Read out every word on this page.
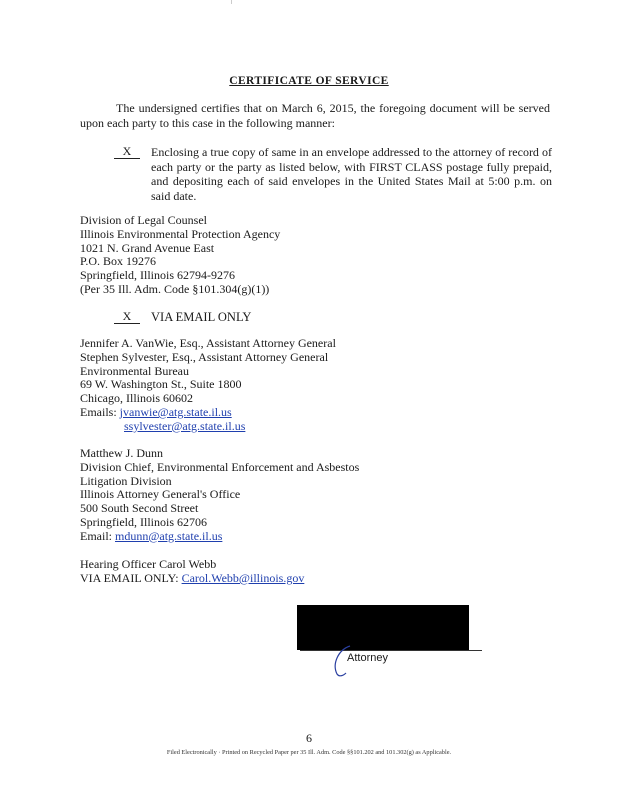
CERTIFICATE OF SERVICE
The undersigned certifies that on March 6, 2015, the foregoing document will be served upon each party to this case in the following manner:
X	Enclosing a true copy of same in an envelope addressed to the attorney of record of each party or the party as listed below, with FIRST CLASS postage fully prepaid, and depositing each of said envelopes in the United States Mail at 5:00 p.m. on said date.
Division of Legal Counsel
Illinois Environmental Protection Agency
1021 N. Grand Avenue East
P.O. Box 19276
Springfield, Illinois 62794-9276
(Per 35 Ill. Adm. Code §101.304(g)(1))
X	VIA EMAIL ONLY
Jennifer A. VanWie, Esq., Assistant Attorney General
Stephen Sylvester, Esq., Assistant Attorney General
Environmental Bureau
69 W. Washington St., Suite 1800
Chicago, Illinois 60602
Emails: jvanwie@atg.state.il.us
ssylvester@atg.state.il.us
Matthew J. Dunn
Division Chief, Environmental Enforcement and Asbestos
Litigation Division
Illinois Attorney General's Office
500 South Second Street
Springfield, Illinois 62706
Email: mdunn@atg.state.il.us
Hearing Officer Carol Webb
VIA EMAIL ONLY: Carol.Webb@illinois.gov
Attorney
6
Filed Electronically · Printed on Recycled Paper per 35 Ill. Adm. Code §§101.202 and 101.302(g) as Applicable.
